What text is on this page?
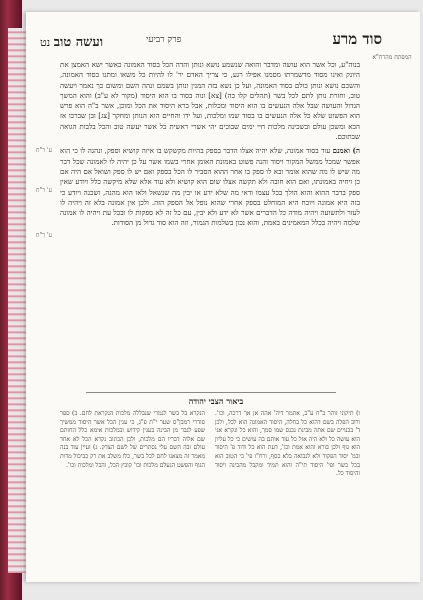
סוד מרע
פרק רביעי
ועשה טוב נט
המפתח מהרח"א
ע' ר"ח
ע' ר"ח
ע' ר"ח

בנוה"ע, וכל אשר הוא עושה ומדבר והואה שנשמע נושא ונותן והדה הכל בסוד האמונה כאשר ישא האמצן את היונק ואינו מסוד מדשמרתו מסמנו אפילו רגע, כי צריך האדם יר' לו להיות כל משאו ומתנו בסוד האמונה, והשכם נושא ונותן כולם בסוד האמונה, ועל כן נשא בזה המנין ונותן בשמם ונהה השם ומשום כך נאמר ויעשה טוב, וחזרת נותן לתם לכל בשר (תהלים קלו כה) [צא] ונוה בסוד בו הוא היסוד (מקור לא ע"ב) והוא המשך הגדול והעושה שבל אלה הנעשים בו הוא היסוד ומכלות, אבל ברא היסוד את הכל ומוכן, אשר ב"ה הוא פרש הוא הפשוט שלא כל אלה הנעשים בו בסוד שמו ומלכות, ועל ידו והחיים הוא הנותן ומחקר [צג] ובן שברכו אז הכא ומשכן עולם ובשכינה מלכות חיי ימים שבוכים יהי אשרי ראשית כל אשר יעשה טוב והכל בלבות הגואה שבתוכם.

ה) ואמנם עוד בסוד אמונה, שלא יהיה אצלו הדבר בספק בהיות מקשקש בו איזה קושיא וספק, ונהגה לו כי הוא אפשר שמכל ממשל המקור ויסוד והנה פשוט באמונת האומן אחרי בשמו אשר על כן יהיה לו לאמונה שכל דבר מה שיש לו מה שהוא אומר ובא לו ספק בו אחר ההוא הסביר לו הכל בספק ואם יש לו ספק ושואל אם היה אם כן ויחיה באמונתו, ואם הוא חובה ולא תקשה אצלו שום הוא קושיא ולא עוד אלא שלא מיקשה כלל ויודע שאין ספק בדבר ההוא והוא הולך בכל עצמו ודאי מה שלא ידע או יבין מה שנשאל ולאו הוא מהנה, ושכנה ויודע כי בזה היא אמונה ויוכח היא המוחלט בספק אחרי שהוא נופל אל הספק הזה. ולכן אין אמונה בלא זה ויהיה לו לעזר ולתשועה ויהיה מודה כל הדברים אשר לא ידע ולא יבין, עם כל זה לא ספקות לו ובכל עת ויהיה לו אמונה שלמה ויהיה בכלל המאמינים באמת, והוא נכון בשלמות הגמור, וזה הוא סוד גדול מן הסודות.

ביאור הצבי יהודה
ו) תיקוני זוהר ב"ח ע"ב, אתמר דיה' אהה אן אך דרכה, וכו'. ורוב הפלה בשם דהוא כל בחלה, היסוד האמונה הוא לכל, ולכן ד' בכנויים שם אתה מבינת נכנס שמו סמך, והוא כל ונקרא אני הוא עושה כל ולא היה אזל כל עוד אותם בה עושים כי כל עליון הוא גוף ולכן בורא והוא אמת וכו', דעת הוא כל ודוד פ' היסוד ובמ' יסוד הפקוד ולא לנבואה בלא כסף, ורח"ו פי' כי הטוב הוא בכל בשר ופי' היסוד תי"ה והוא תמיד ומקבל מהבינה ויסוד והיסוד כל.
הנקרא בל בשר לגמרי שנבללה מלכות הנקראת לחם. ב) ספר סודרי רמבן"ס שער י"ת פ"ג, כי ענין הכל אשר היסוד ממשיך שפע לגבר מן הבינה בענין קידוש ובמלכות אימא כלל החותם שם אלוה דבריו הם מלכות, ולכן הכתוב נקרא הכל לא אחד עולם ובה השם עלי נסתרים של לשם הצדק. ג) ועיין עוד בנה מאמר זה מצאנו לחם לכל בשר, כלו משלב את רק כביכול מדות הגוף והפשט הנעלם מלכות ובו' קובץ הכל, והכל ומלכות וכו'.
